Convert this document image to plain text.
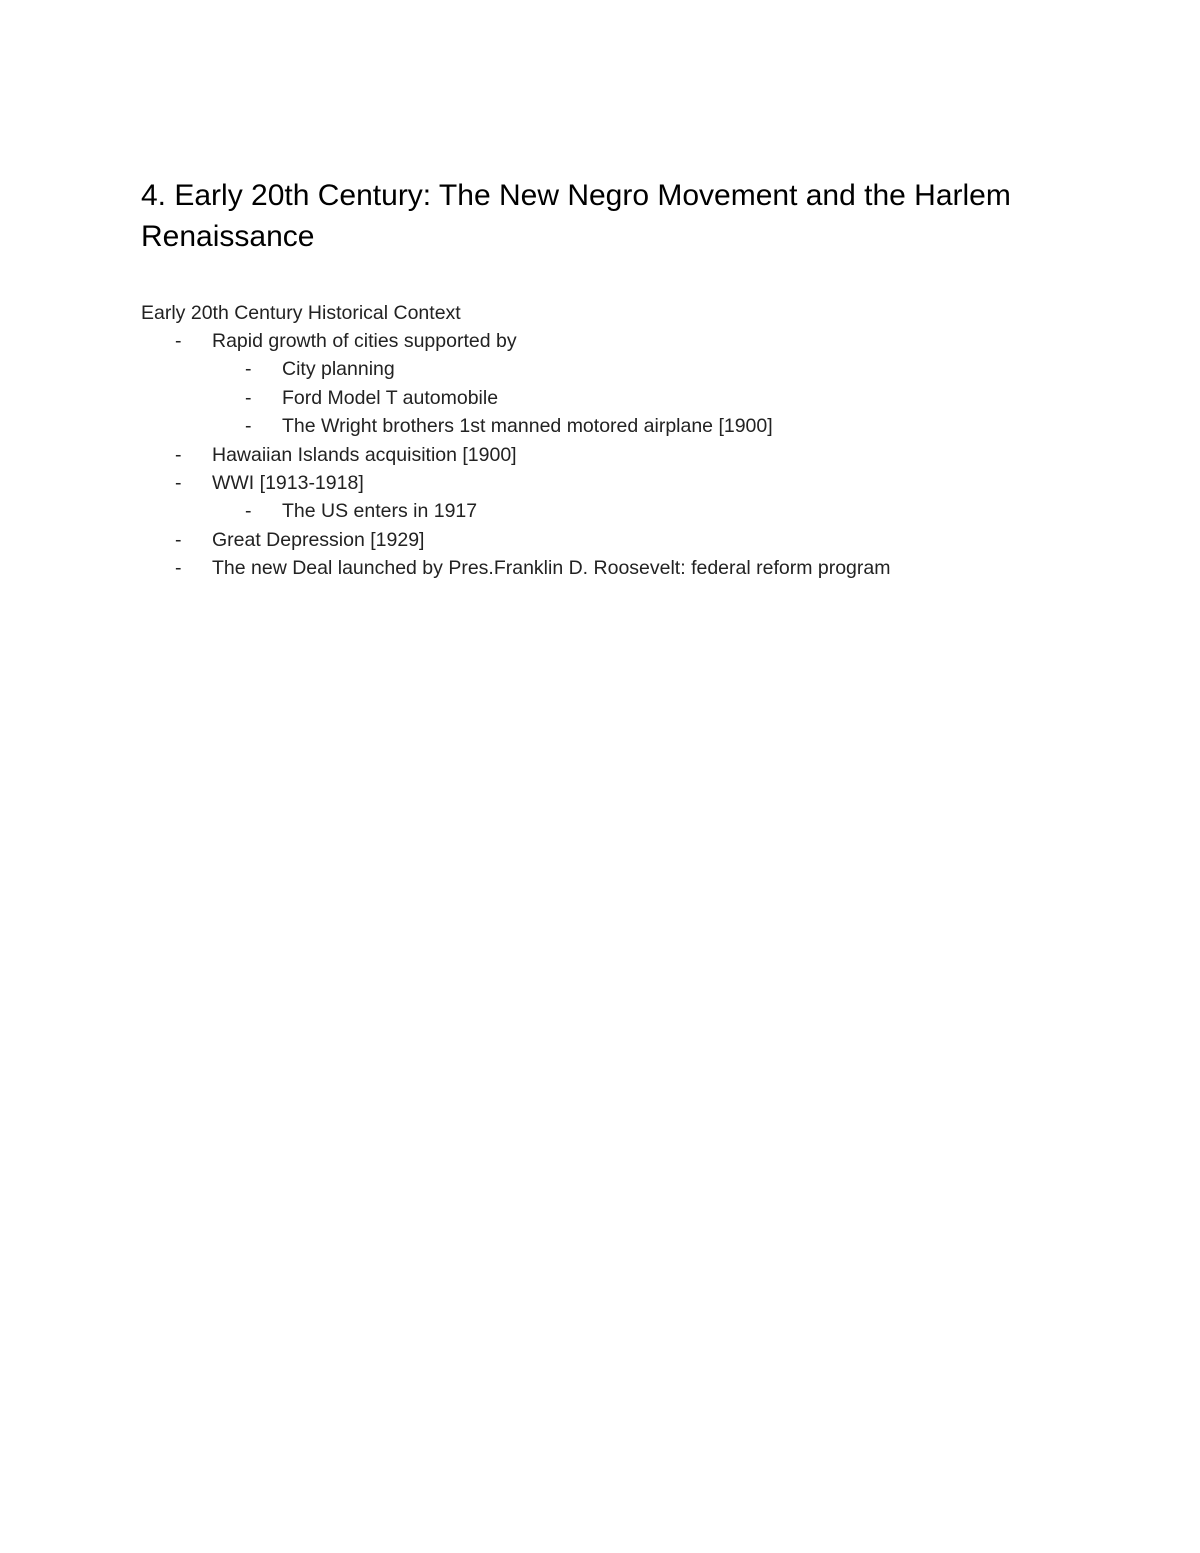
4. Early 20th Century: The New Negro Movement and the Harlem Renaissance

Early 20th Century Historical Context

- Rapid growth of cities supported by
- City planning
- Ford Model T automobile
- The Wright brothers 1st manned motored airplane [1900]
- Hawaiian Islands acquisition [1900]
- WWI [1913-1918]
- The US enters in 1917
- Great Depression [1929]
- The new Deal launched by Pres.Franklin D. Roosevelt: federal reform program
